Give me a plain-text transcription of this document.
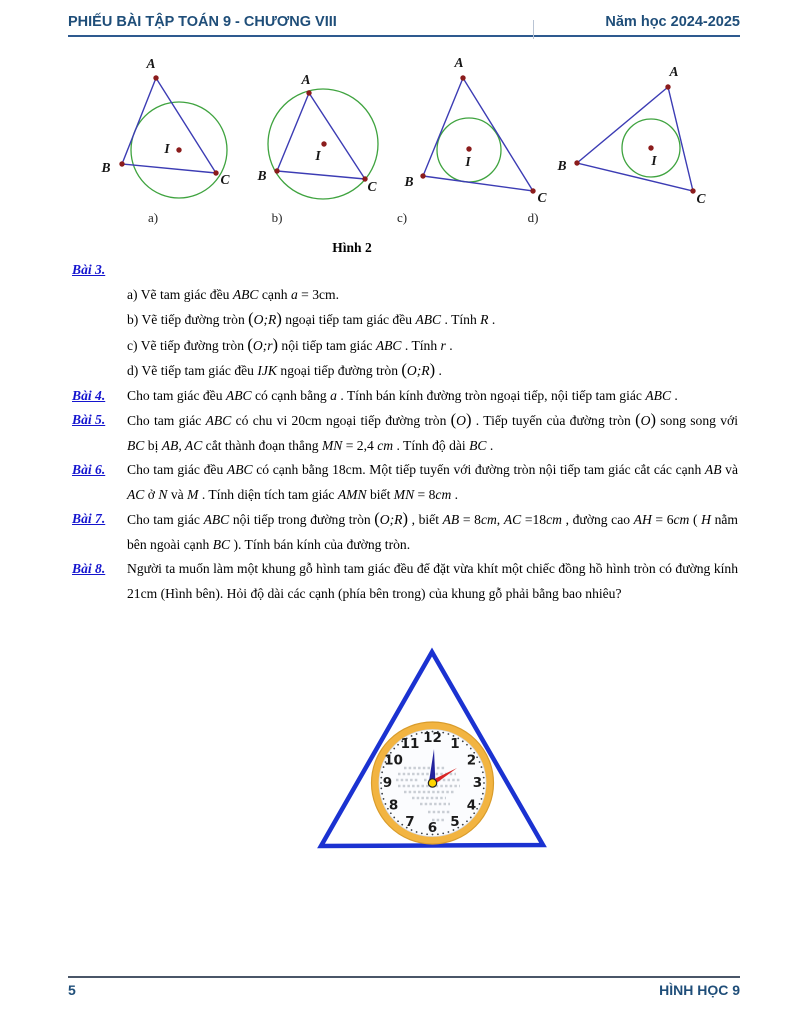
PHIẾU BÀI TẬP TOÁN 9 - CHƯƠNG VIII	Năm học 2024-2025
A
B
C
I
a)
A
B
C
I
b)
A
B
C
I
c)
A
B
C
I
d)
Hình 2
Bài 3.
a) Vẽ tam giác đều ABC cạnh a = 3cm.
b) Vẽ tiếp đường tròn (O;R) ngoại tiếp tam giác đều ABC . Tính R .
c) Vẽ tiếp đường tròn (O;r) nội tiếp tam giác ABC . Tính r .
d) Vẽ tiếp tam giác đều IJK ngoại tiếp đường tròn (O;R) .
Bài 4.	Cho tam giác đều ABC có cạnh bằng a . Tính bán kính đường tròn ngoại tiếp, nội tiếp tam giác ABC .
Bài 5.	Cho tam giác ABC có chu vi 20cm ngoại tiếp đường tròn (O) . Tiếp tuyến của đường tròn (O) song song với BC bị AB, AC cắt thành đoạn thẳng MN = 2,4 cm . Tính độ dài BC .
Bài 6.	Cho tam giác đều ABC có cạnh bằng 18cm. Một tiếp tuyến với đường tròn nội tiếp tam giác cắt các cạnh AB và AC ở N và M . Tính diện tích tam giác AMN biết MN = 8cm .
Bài 7.	Cho tam giác ABC nội tiếp trong đường tròn (O;R) , biết AB = 8cm, AC =18cm , đường cao AH = 6cm ( H nằm bên ngoài cạnh BC ). Tính bán kính của đường tròn.
Bài 8.	Người ta muốn làm một khung gỗ hình tam giác đều để đặt vừa khít một chiếc đồng hồ hình tròn có đường kính 21cm (Hình bên). Hỏi độ dài các cạnh (phía bên trong) của khung gỗ phải bằng bao nhiêu?
12 1
2
3
4
5
6
7
8
9
10
11
5	HÌNH HỌC 9
